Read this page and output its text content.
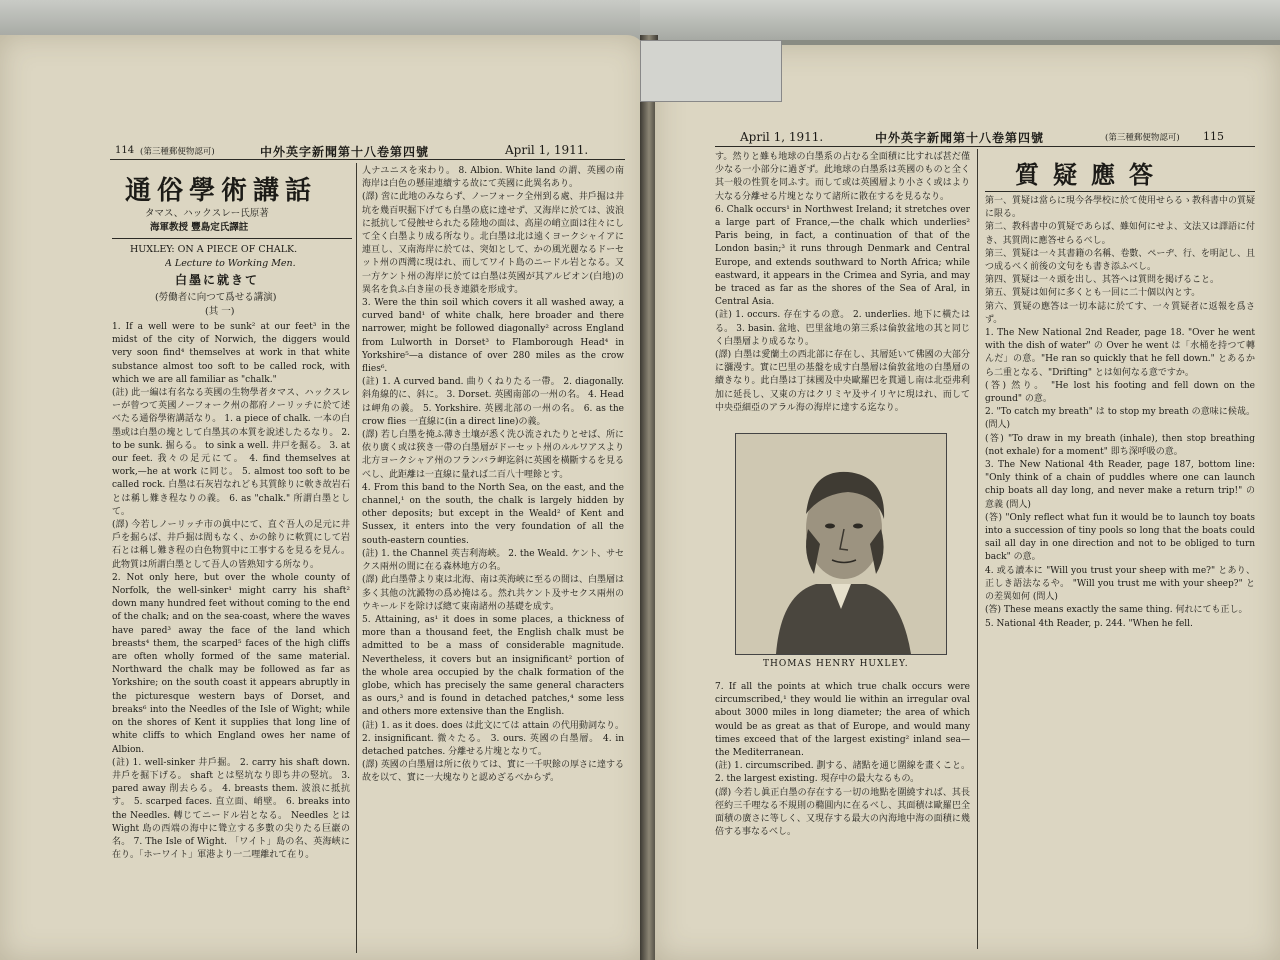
114 (第三種郵便物認可)	中外英字新聞第十八卷第四號	April 1, 1911.
通俗學術講話
タマス、ハックスレー氏原著
海軍教授 豐島定氏譯註
HUXLEY: ON A PIECE OF CHALK.
A Lecture to Working Men.
白墨に就きて
(勞働者に向つて爲せる講演)
(其 一)

1. If a well were to be sunk² at our feet³ in the midst of the city of Norwich, the diggers would very soon find⁴ themselves at work in that white substance almost too soft to be called rock, with which we are all familiar as "chalk."

(註) 此一編は有名なる英國の生物學者タマス、ハックスレーが曾つて英國ノーフォーク州の都府ノーリッチに於て述べたる通俗學術講話なり。 1. a piece of chalk. 一本の白墨或は白墨の塊として白墨其の本質を說述したるなり。 2. to be sunk. 掘らる。 to sink a well. 井戸を掘る。 3. at our feet. 我々の足元にて。 4. find themselves at work,—he at work に同じ。 5. almost too soft to be called rock. 白墨は石灰岩なれども其質餘りに軟き故岩石とは稱し難き程なりの義。 6. as "chalk." 所謂白墨として。

(譯) 今若しノーリッチ市の眞中にて、直ぐ吾人の足元に井戶を掘らば、井戶掘は間もなく、かの餘りに軟質にして岩石とは稱し難き程の白色物質中に工事するを見るを見ん。此物質は所謂白墨として吾人の皆熟知する所なり。

2. Not only here, but over the whole county of Norfolk, the well-sinker¹ might carry his shaft² down many hundred feet without coming to the end of the chalk; and on the sea-coast, where the waves have pared³ away the face of the land which breasts⁴ them, the scarped⁵ faces of the high cliffs are often wholly formed of the same material. Northward the chalk may be followed as far as Yorkshire; on the south coast it appears abruptly in the picturesque western bays of Dorset, and breaks⁶ into the Needles of the Isle of Wight; while on the shores of Kent it supplies that long line of white cliffs to which England owes her name of Albion.

(註) 1. well-sinker 井戶掘。 2. carry his shaft down. 井戶を掘下げる。 shaft とは堅坑なり即ち井の竪坑。 3. pared away 削去らる。 4. breasts them. 波浪に抵抗す。 5. scarped faces. 直立面、峭壁。 6. breaks into the Needles. 轉じてニードル岩となる。 Needles とは Wight 島の西端の海中に聳立する多數の尖りたる巨巖の名。 7. The Isle of Wight. 「ワイト」島の名、英海峽に在り。「ホーワイト」軍港より一二哩離れて在り。

人ナユニスを來わり。 8. Albion. White land の謂、英國の南海岸は白色の懸崖連續する故にて英國に此異名あり。

(譯) 啻に此地のみならず、ノーフォーク全州到る處、井戶掘は井坑を幾百呎掘下げても白墨の底に達せず、又海岸に於ては、波浪に抵抗して侵蝕せられたる陸地の面は、高崖の峭立面は往々にして全く白墨より成る所なり。北白墨は北は遠くヨークシャイアに連亘し、又南海岸に於ては、突如として、かの風光麗なるドーセット州の西灣に現はれ、而してワイト島のニードル岩となる。又一方ケント州の海岸に於ては白墨は英國が其アルビオン(白地)の異名を負ふ白き崖の長き連鎖を形成す。

3. Were the thin soil which covers it all washed away, a curved band¹ of white chalk, here broader and there narrower, might be followed diagonally² across England from Lulworth in Dorset³ to Flamborough Head⁴ in Yorkshire⁵—a distance of over 280 miles as the crow flies⁶.

(註) 1. A curved band. 曲りくねりたる一帶。 2. diagonally. 斜角線的に、斜に。 3. Dorset. 英國南部の一州の名。 4. Head は岬角の義。 5. Yorkshire. 英國北部の一州の名。 6. as the crow flies 一直線に(in a direct line)の義。

(譯) 若し白墨を掩ふ薄き土壤が悉く洗ひ流されたりとせば、所に依り廣く或は狹き一帶の白墨層がドーセット州のルルワアスより北方ヨークシャア州のフランバラ岬迄斜に英國を橫斷するを見るべし、此距離は一直線に量れば二百八十哩餘とす。

4. From this band to the North Sea, on the east, and the channel,¹ on the south, the chalk is largely hidden by other deposits; but except in the Weald² of Kent and Sussex, it enters into the very foundation of all the south-eastern counties.

(註) 1. the Channel 英吉利海峽。 2. the Weald. ケント、サセクス兩州の間に在る森林地方の名。

(譯) 此白墨帶より東は北海、南は英海峽に至るの間は、白墨層は多く其他の沈澱物の爲め掩はる。然れ共ケント及サセクス兩州のウキールドを除けば總て東南諸州の基礎を成す。

5. Attaining, as¹ it does in some places, a thickness of more than a thousand feet, the English chalk must be admitted to be a mass of considerable magnitude. Nevertheless, it covers but an insignificant² portion of the whole area occupied by the chalk formation of the globe, which has precisely the same general characters as ours,³ and is found in detached patches,⁴ some less and others more extensive than the English.

(註) 1. as it does. does は此文にては attain の代用動詞なり。 2. insignificant. 微々たる。 3. ours. 英國の白墨層。 4. in detached patches. 分離せる片塊となりて。

(譯) 英國の白墨層は所に依りては、實に一千呎餘の厚さに達する故を以て、實に一大塊なりと認めざるべからず。

April 1, 1911.	中外英字新聞第十八卷第四號	(第三種郵便物認可) 115

す。然りと雖も地球の白墨系の占むる全面積に比すれば甚だ僅少なる一小部分に過ぎず。此地球の白墨系は英國のものと全く其一般の性質を同ふす。而して或は英國層より小さく或はより大なる分離せる片塊となりて諸所に散在するを見るなり。

6. Chalk occurs¹ in Northwest Ireland; it stretches over a large part of France,—the chalk which underlies² Paris being, in fact, a continuation of that of the London basin;³ it runs through Denmark and Central Europe, and extends southward to North Africa; while eastward, it appears in the Crimea and Syria, and may be traced as far as the shores of the Sea of Aral, in Central Asia.

(註) 1. occurs. 存在するの意。 2. underlies. 地下に橫たはる。 3. basin. 盆地、巴里盆地の第三系は倫敦盆地の其と同じく白墨層より成るなり。

(譯) 白墨は愛蘭土の西北部に存在し、其層延いて佛國の大部分に瀰漫す。實に巴里の基盤を成す白墨層は倫敦盆地の白墨層の續きなり。此白墨は丁抹國及中央歐羅巴を貫通し南は北亞弗利加に延長し、又東の方はクリミヤ及サイリヤに現はれ、而して中央亞細亞のアラル海の海岸に達する迄なり。

THOMAS HENRY HUXLEY.

7. If all the points at which true chalk occurs were circumscribed,¹ they would lie within an irregular oval about 3000 miles in long diameter; the area of which would be as great as that of Europe, and would many times exceed that of the largest existing² inland sea—the Mediterranean.

(註) 1. circumscribed. 劃する、諸點を通じ圍線を畫くこと。 2. the largest existing. 現存中の最大なるもの。

(譯) 今若し眞正白墨の存在する一切の地點を圍繞すれば、其長徑約三千哩なる不規則の橢圓内に在るべし、其面積は歐羅巴全面積の廣さに等しく、又現存する最大の內海地中海の面積に幾倍する事なるべし。

質疑應答

第一、質疑は當らに現今各學校に於て使用せらるゝ教科書中の質疑に限る。

第二、教科書中の質疑であらば、雖如何にせよ、文法又は譯語に付き、其質問に應答せらるべし。

第三、質疑は一々其書籍の名稱、卷數、ペーヂ、行、を明記し、且つ成るべく前後の文句をも書き添ふべし。

第四、質疑は一々頭を出し、其答へは質問を掲げること。

第五、質疑は如何に多くとも一回に二十個以內とす。

第六、質疑の應答は一切本誌に於てす、一々質疑者に返報を爲さず。

1. The New National 2nd Reader, page 18. "Over he went with the dish of water" の Over he went は「水桶を持つて轉んだ」の意。"He ran so quickly that he fell down." とあるから二重となる、"Drifting" とは如何なる意ですか。

(答) 然り。 "He lost his footing and fell down on the ground" の意。

2. "To catch my breath" は to stop my breath の意味に候哉。 (問人)

(答) "To draw in my breath (inhale), then stop breathing (not exhale) for a moment" 即ち深呼吸の意。

3. The New National 4th Reader, page 187, bottom line: "Only think of a chain of puddles where one can launch chip boats all day long, and never make a return trip!" の意義 (問人)

(答) "Only reflect what fun it would be to launch toy boats into a succession of tiny pools so long that the boats could sail all day in one direction and not to be obliged to turn back" の意。

4. 或る讀本に "Will you trust your sheep with me?" とあり、正しき語法なるや。 "Will you trust me with your sheep?" との差異如何 (問人)

(答) These means exactly the same thing. 何れにても正し。

5. National 4th Reader, p. 244. "When he fell.
